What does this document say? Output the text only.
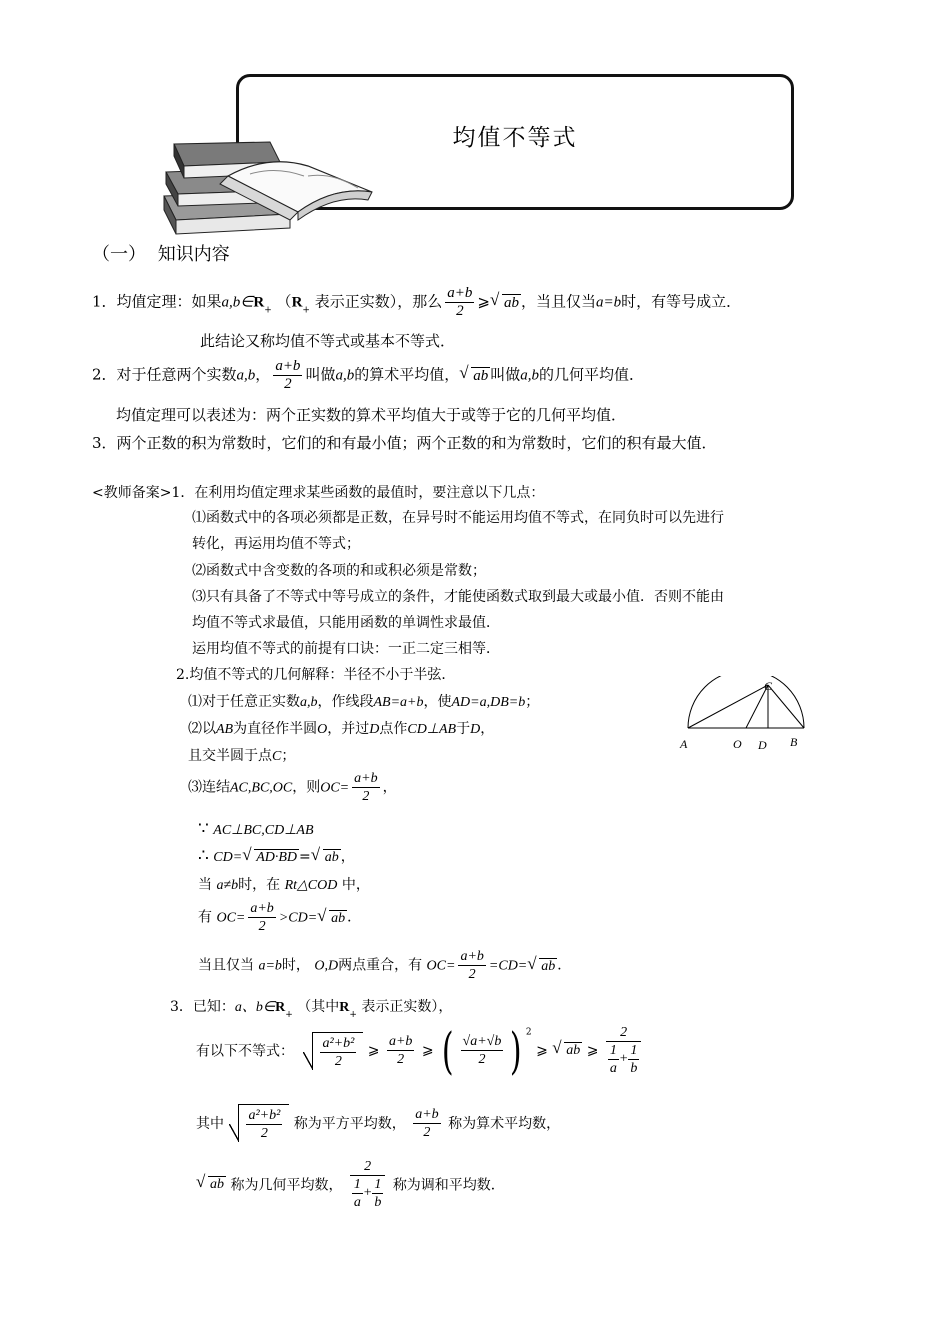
均值不等式
（一） 知识内容
1．均值定理：如果$a,b\in R_+$ （$R_+$ 表示正实数），那么 $\frac{a+b}{2}$ ⩾√ ab ，当且仅当a=b时，有等号成立．
此结论又称均值不等式或基本不等式．
2．对于任意两个实数a,b， $\frac{a+b}{2}$ 叫做a,b的算术平均值，√ ab 叫做a,b的几何平均值．
均值定理可以表述为：两个正实数的算术平均值大于或等于它的几何平均值．
3．两个正数的积为常数时，它们的和有最小值；两个正数的和为常数时，它们的积有最大值．
<教师备案>1．在利用均值定理求某些函数的最值时，要注意以下几点：
⑴函数式中的各项必须都是正数，在异号时不能运用均值不等式，在同负时可以先进行
转化，再运用均值不等式；
⑵函数式中含变数的各项的和或积必须是常数；
⑶只有具备了不等式中等号成立的条件，才能使函数式取到最大或最小值．否则不能由
均值不等式求最值，只能用函数的单调性求最值．
运用均值不等式的前提有口诀：一正二定三相等．
2.均值不等式的几何解释：半径不小于半弦．
⑴对于任意正实数a,b，作线段AB=a+b，使AD=a,DB=b；
⑵以AB为直径作半圆O，并过D点作CD⊥AB于D，
且交半圆于点C；
A	O D B
C
⑶连结AC,BC,OC，则$OC= \frac{a+b}{2}$ ，
∵ AC⊥BC,CD⊥AB
∴ CD=√ AD·BD =√ ab ，
当 a≠b时，在 Rt△COD 中，
有 $OC= \frac{a+b}{2} >CD=√$ ab ．
当且仅当 a=b时， O,D两点重合，有 $OC= \frac{a+b}{2} =CD=√$ ab ．
3．已知：a、$b\in R_+$ （其中$R_+$ 表示正实数），
有以下不等式： $\frac{\text{a²+b²}}{2}$ ⩾ $\frac{a+b}{2}$ ⩾ ( $\frac{√a+√b}{2}$ ) $^2$ ⩾ √ ab ⩾ $\frac{2}{\frac{1}{a} + \frac{1}{b}}$
其中 $\frac{\text{a²+b²}}{2}$ 称为平方平均数， $\frac{a+b}{2}$ 称为算术平均数，
√ ab 称为几何平均数， $\frac{2}{\frac{1}{a} + \frac{1}{b}}$ 称为调和平均数．
